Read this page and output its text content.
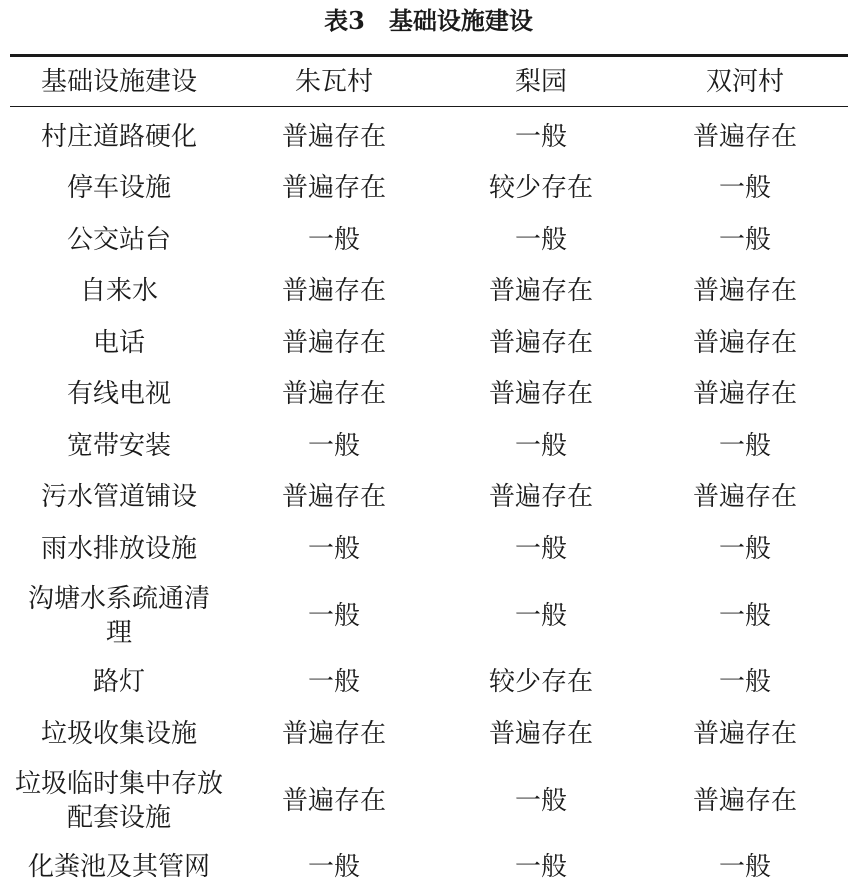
表3　基础设施建设
基础设施建设	朱瓦村	梨园	双河村
村庄道路硬化	普遍存在	一般	普遍存在
停车设施	普遍存在	较少存在	一般
公交站台	一般	一般	一般
自来水	普遍存在	普遍存在	普遍存在
电话	普遍存在	普遍存在	普遍存在
有线电视	普遍存在	普遍存在	普遍存在
宽带安装	一般	一般	一般
污水管道铺设	普遍存在	普遍存在	普遍存在
雨水排放设施	一般	一般	一般
沟塘水系疏通清理	一般	一般	一般
路灯	一般	较少存在	一般
垃圾收集设施	普遍存在	普遍存在	普遍存在
垃圾临时集中存放配套设施	普遍存在	一般	普遍存在
化粪池及其管网	一般	一般	一般
